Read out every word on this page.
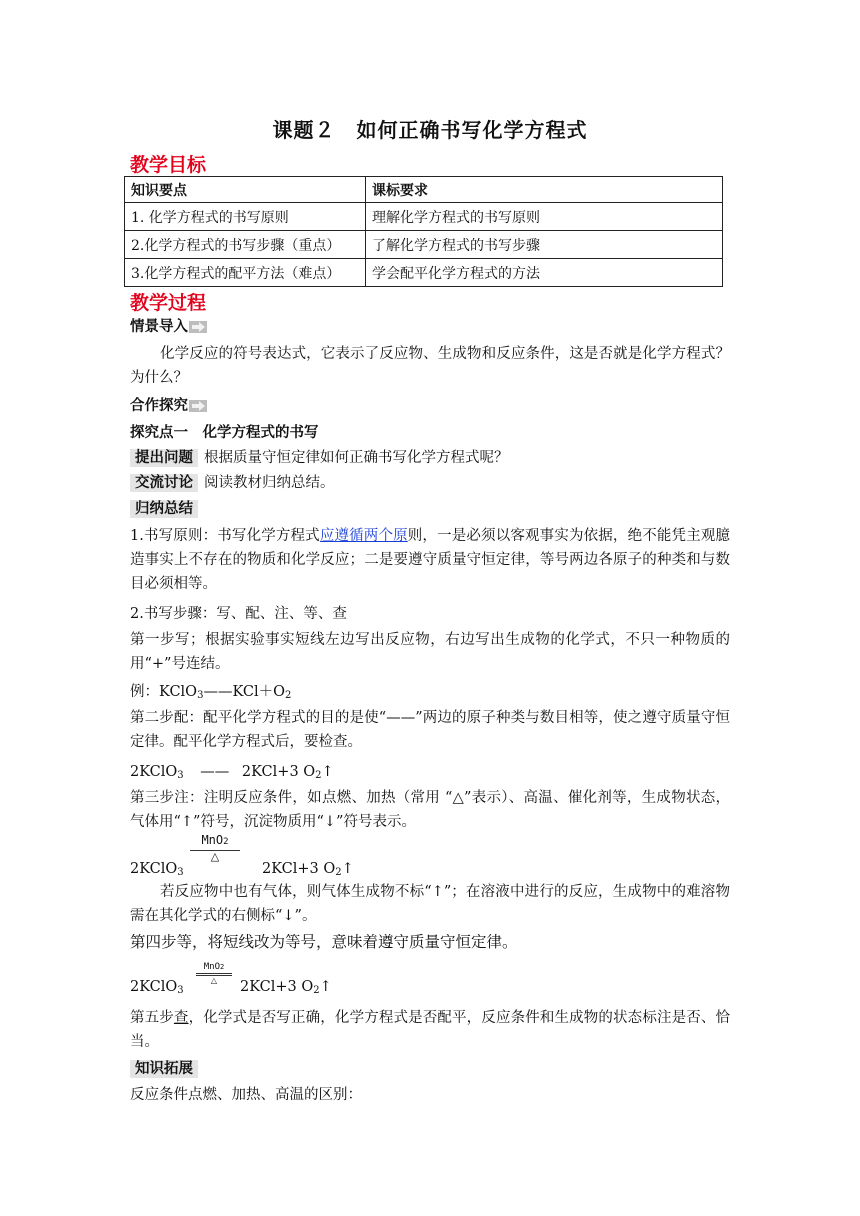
课题２　如何正确书写化学方程式
教学目标
知识要点	课标要求
1. 化学方程式的书写原则	理解化学方程式的书写原则
2.化学方程式的书写步骤（重点）	了解化学方程式的书写步骤
3.化学方程式的配平方法（难点）	学会配平化学方程式的方法
教学过程
情景导入
化学反应的符号表达式，它表示了反应物、生成物和反应条件，这是否就是化学方程式？为什么？
合作探究
探究点一　化学方程式的书写
提出问题 根据质量守恒定律如何正确书写化学方程式呢？
交流讨论 阅读教材归纳总结。
归纳总结
1.书写原则：书写化学方程式应遵循两个原则，一是必须以客观事实为依据，绝不能凭主观臆造事实上不存在的物质和化学反应；二是要遵守质量守恒定律，等号两边各原子的种类和与数目必须相等。
2.书写步骤：写、配、注、等、查
第一步写；根据实验事实短线左边写出反应物，右边写出生成物的化学式，不只一种物质的用“+”号连结。
例：$KClO_3——KCl+O_2$
第二步配：配平化学方程式的目的是使“——”两边的原子种类与数目相等，使之遵守质量守恒定律。配平化学方程式后，要检查。
2KClO$_3$ —— 2KCl+3 $O_2↑$
第三步注：注明反应条件，如点燃、加热（常用 “△”表示）、高温、催化剂等，生成物状态，气体用“↑”符号，沉淀物质用“↓”符号表示。
2KClO$_3$
MnO2
△
2KCl+3 $O_2↑$
若反应物中也有气体，则气体生成物不标“↑”；在溶液中进行的反应，生成物中的难溶物需在其化学式的右侧标“↓”。
第四步等，将短线改为等号，意味着遵守质量守恒定律。
2KClO$_3$
MnO2
△	2KCl+3 $O_2↑$
第五步查，化学式是否写正确，化学方程式是否配平，反应条件和生成物的状态标注是否、恰当。
知识拓展
反应条件点燃、加热、高温的区别：
